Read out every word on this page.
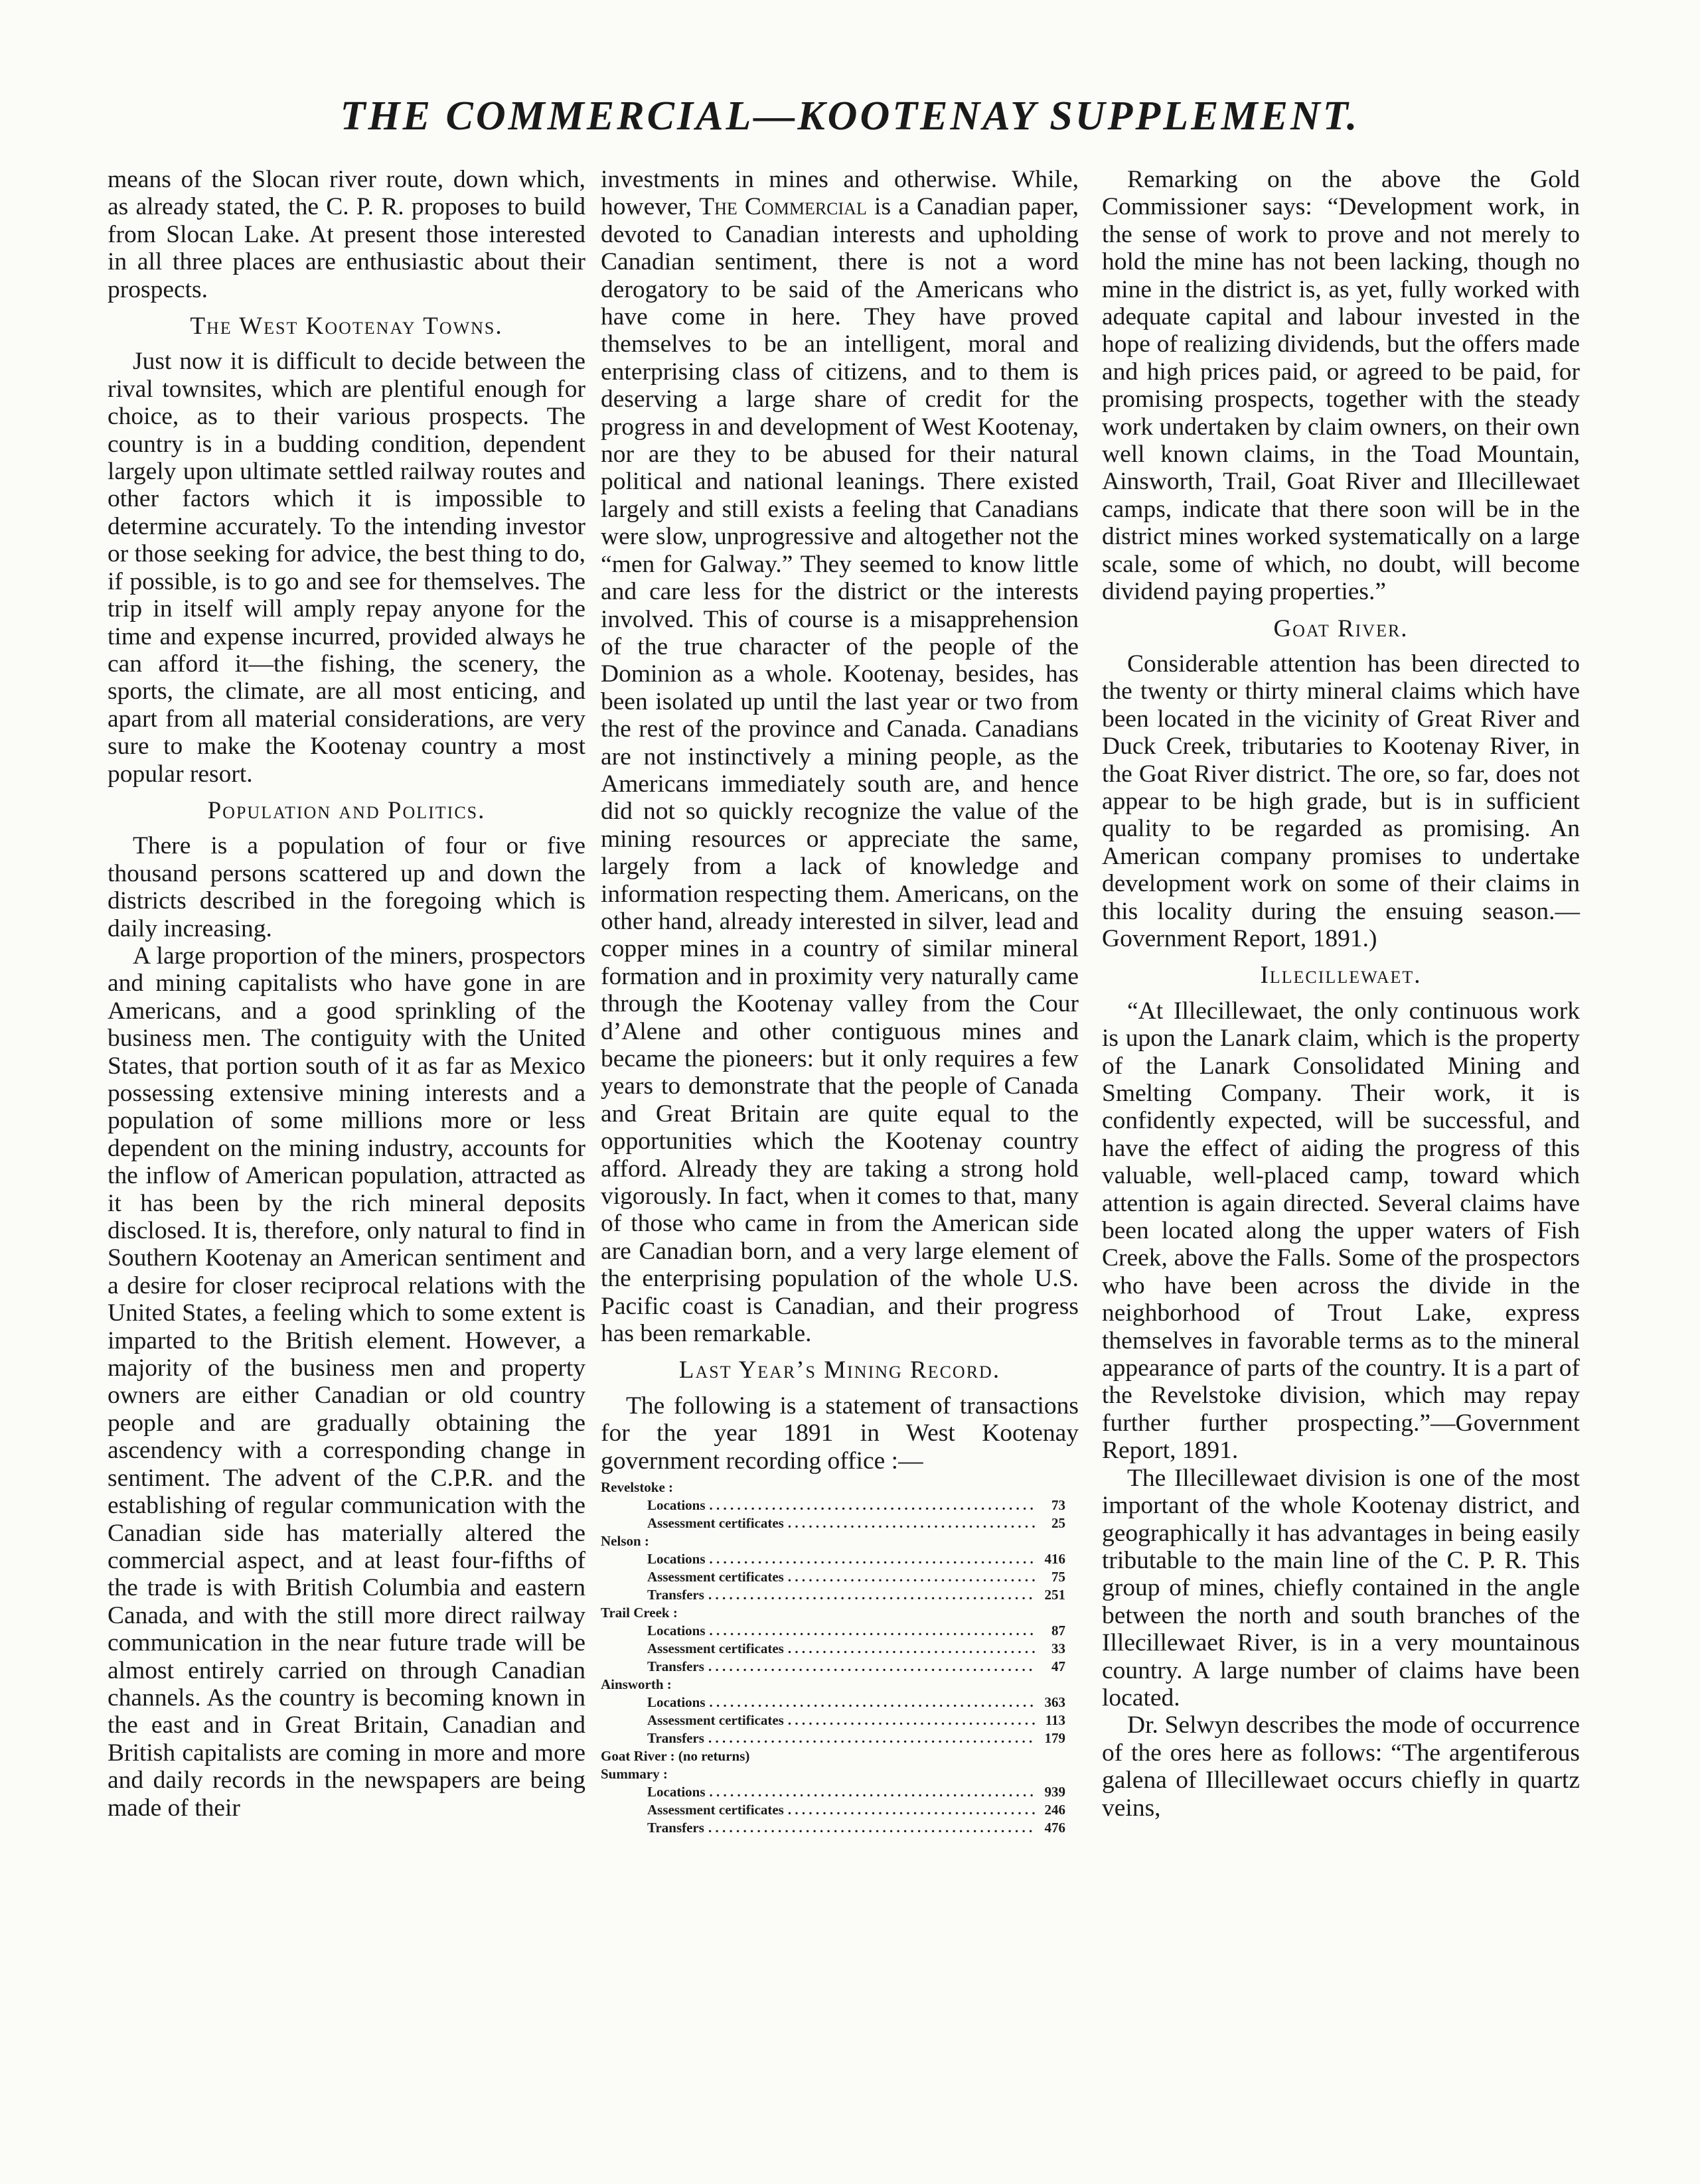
THE COMMERCIAL—KOOTENAY SUPPLEMENT.

means of the Slocan river route, down which, as already stated, the C. P. R. proposes to build from Slocan Lake. At present those interested in all three places are enthusiastic about their prospects.

The West Kootenay Towns.

Just now it is difficult to decide between the rival townsites, which are plentiful enough for choice, as to their various prospects. The country is in a budding condition, dependent largely upon ultimate settled railway routes and other factors which it is impossible to determine accurately. To the intending investor or those seeking for advice, the best thing to do, if possible, is to go and see for themselves. The trip in itself will amply repay anyone for the time and expense incurred, provided always he can afford it—the fishing, the scenery, the sports, the climate, are all most enticing, and apart from all material considerations, are very sure to make the Kootenay country a most popular resort.

Population and Politics.

There is a population of four or five thousand persons scattered up and down the districts described in the foregoing which is daily increasing.

A large proportion of the miners, prospectors and mining capitalists who have gone in are Americans, and a good sprinkling of the business men. The contiguity with the United States, that portion south of it as far as Mexico possessing extensive mining interests and a population of some millions more or less dependent on the mining industry, accounts for the inflow of American population, attracted as it has been by the rich mineral deposits disclosed. It is, therefore, only natural to find in Southern Kootenay an American sentiment and a desire for closer reciprocal relations with the United States, a feeling which to some extent is imparted to the British element. However, a majority of the business men and property owners are either Canadian or old country people and are gradually obtaining the ascendency with a corresponding change in sentiment. The advent of the C.P.R. and the establishing of regular communication with the Canadian side has materially altered the commercial aspect, and at least four-fifths of the trade is with British Columbia and eastern Canada, and with the still more direct railway communication in the near future trade will be almost entirely carried on through Canadian channels. As the country is becoming known in the east and in Great Britain, Canadian and British capitalists are coming in more and more and daily records in the newspapers are being made of their

investments in mines and otherwise. While, however, The Commercial is a Canadian paper, devoted to Canadian interests and upholding Canadian sentiment, there is not a word derogatory to be said of the Americans who have come in here. They have proved themselves to be an intelligent, moral and enterprising class of citizens, and to them is deserving a large share of credit for the progress in and development of West Kootenay, nor are they to be abused for their natural political and national leanings. There existed largely and still exists a feeling that Canadians were slow, unprogressive and altogether not the “men for Galway.” They seemed to know little and care less for the district or the interests involved. This of course is a misapprehension of the true character of the people of the Dominion as a whole. Kootenay, besides, has been isolated up until the last year or two from the rest of the province and Canada. Canadians are not instinctively a mining people, as the Americans immediately south are, and hence did not so quickly recognize the value of the mining resources or appreciate the same, largely from a lack of knowledge and information respecting them. Americans, on the other hand, already interested in silver, lead and copper mines in a country of similar mineral formation and in proximity very naturally came through the Kootenay valley from the Cour d’Alene and other contiguous mines and became the pioneers: but it only requires a few years to demonstrate that the people of Canada and Great Britain are quite equal to the opportunities which the Kootenay country afford. Already they are taking a strong hold vigorously. In fact, when it comes to that, many of those who came in from the American side are Canadian born, and a very large element of the enterprising population of the whole U.S. Pacific coast is Canadian, and their progress has been remarkable.

Last Year’s Mining Record.

The following is a statement of transactions for the year 1891 in West Kootenay government recording office :—

Revelstoke :
Locations . . .	73
Assessment certificates . . .	25
Nelson :
Locations . . .	416
Assessment certificates . . .	75
Transfers . . .	251
Trail Creek :
Locations . . .	87
Assessment certificates . . .	33
Transfers . . .	47
Ainsworth :
Locations . . .	363
Assessment certificates . . .	113
Transfers . . .	179
Goat River : (no returns)
Summary :
Locations . . .	939
Assessment certificates . . .	246
Transfers . . .	476

Remarking on the above the Gold Commissioner says: “Development work, in the sense of work to prove and not merely to hold the mine has not been lacking, though no mine in the district is, as yet, fully worked with adequate capital and labour invested in the hope of realizing dividends, but the offers made and high prices paid, or agreed to be paid, for promising prospects, together with the steady work undertaken by claim owners, on their own well known claims, in the Toad Mountain, Ainsworth, Trail, Goat River and Illecillewaet camps, indicate that there soon will be in the district mines worked systematically on a large scale, some of which, no doubt, will become dividend paying properties.”

Goat River.

Considerable attention has been directed to the twenty or thirty mineral claims which have been located in the vicinity of Great River and Duck Creek, tributaries to Kootenay River, in the Goat River district. The ore, so far, does not appear to be high grade, but is in sufficient quality to be regarded as promising. An American company promises to undertake development work on some of their claims in this locality during the ensuing season.—Government Report, 1891.)

Illecillewaet.

“At Illecillewaet, the only continuous work is upon the Lanark claim, which is the property of the Lanark Consolidated Mining and Smelting Company. Their work, it is confidently expected, will be successful, and have the effect of aiding the progress of this valuable, well-placed camp, toward which attention is again directed. Several claims have been located along the upper waters of Fish Creek, above the Falls. Some of the prospectors who have been across the divide in the neighborhood of Trout Lake, express themselves in favorable terms as to the mineral appearance of parts of the country. It is a part of the Revelstoke division, which may repay further further prospecting.”—Government Report, 1891.

The Illecillewaet division is one of the most important of the whole Kootenay district, and geographically it has advantages in being easily tributable to the main line of the C. P. R. This group of mines, chiefly contained in the angle between the north and south branches of the Illecillewaet River, is in a very mountainous country. A large number of claims have been located.

Dr. Selwyn describes the mode of occurrence of the ores here as follows: “The argentiferous galena of Illecillewaet occurs chiefly in quartz veins,
